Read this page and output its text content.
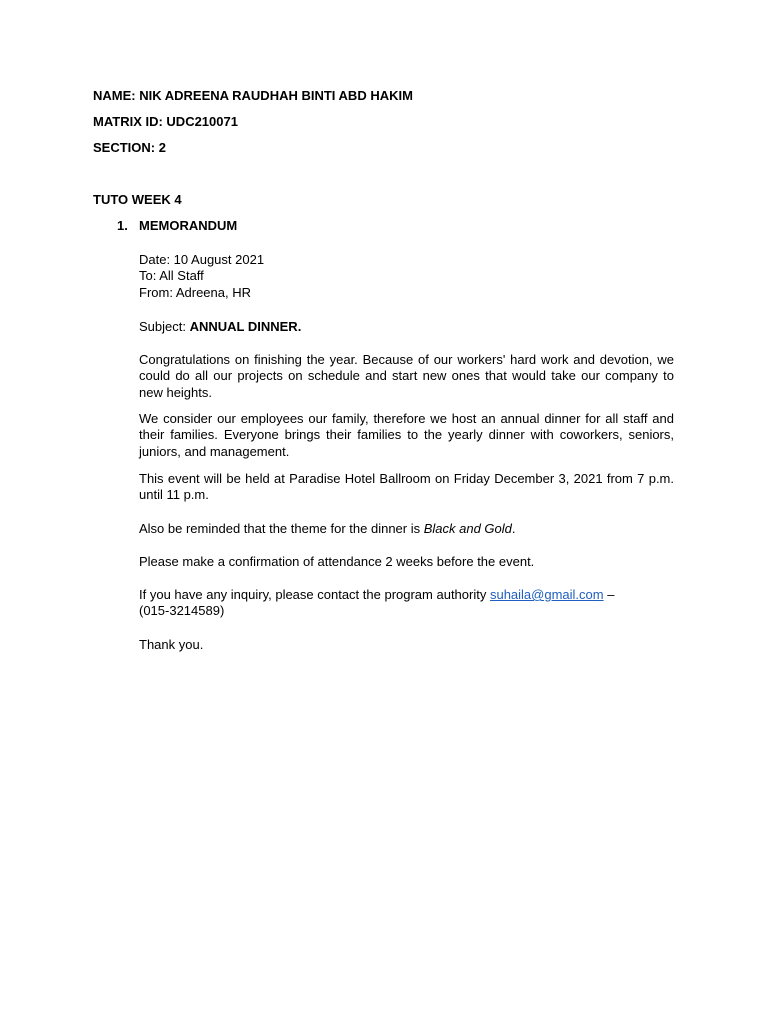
NAME: NIK ADREENA RAUDHAH BINTI ABD HAKIM
MATRIX ID: UDC210071
SECTION: 2
TUTO WEEK 4
1. MEMORANDUM
Date: 10 August 2021
To: All Staff
From: Adreena, HR
Subject: ANNUAL DINNER.
Congratulations on finishing the year. Because of our workers' hard work and devotion, we could do all our projects on schedule and start new ones that would take our company to new heights.
We consider our employees our family, therefore we host an annual dinner for all staff and their families. Everyone brings their families to the yearly dinner with coworkers, seniors, juniors, and management.
This event will be held at Paradise Hotel Ballroom on Friday December 3, 2021 from 7 p.m. until 11 p.m.
Also be reminded that the theme for the dinner is Black and Gold.
Please make a confirmation of attendance 2 weeks before the event.
If you have any inquiry, please contact the program authority suhaila@gmail.com –
(015-3214589)
Thank you.
